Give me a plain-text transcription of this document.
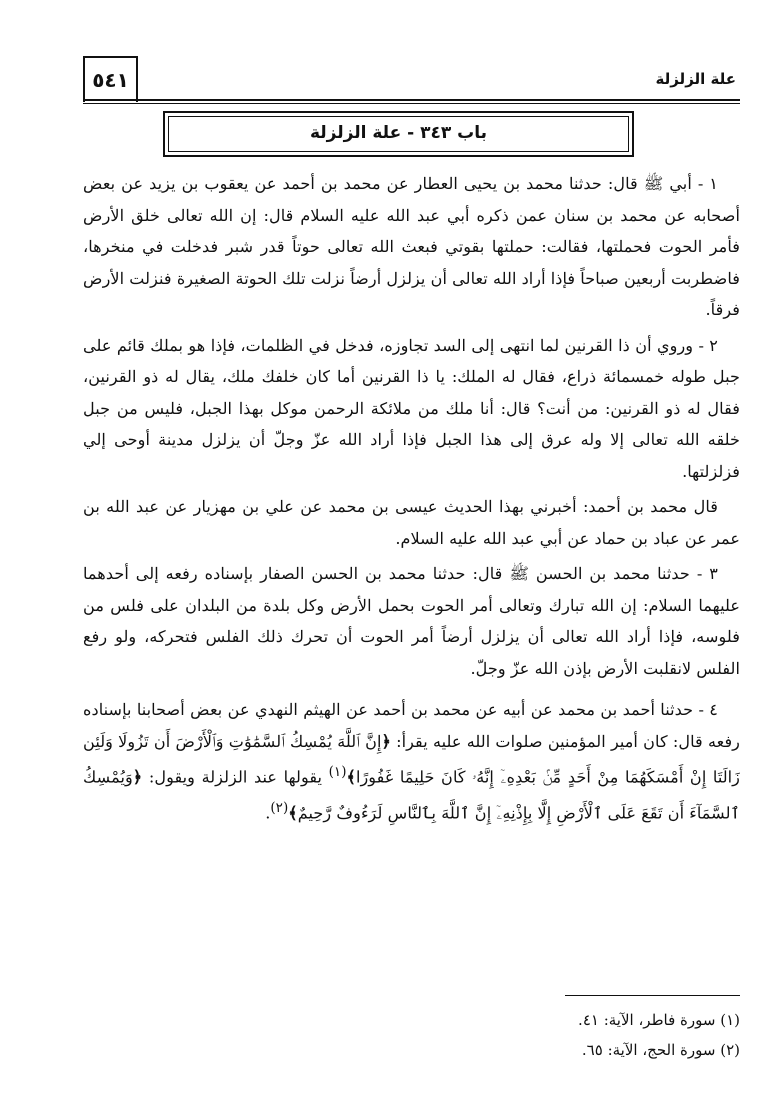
علة الزلزلة
٥٤١
باب ٣٤٣ - علة الزلزلة

١ - أبي ﷺ قال: حدثنا محمد بن يحيى العطار عن محمد بن أحمد عن يعقوب بن يزيد عن بعض أصحابه عن محمد بن سنان عمن ذكره أبي عبد الله عليه السلام قال: إن الله تعالى خلق الأرض فأمر الحوت فحملتها، فقالت: حملتها بقوتي فبعث الله تعالى حوتاً قدر شبر فدخلت في منخرها، فاضطربت أربعين صباحاً فإذا أراد الله تعالى أن يزلزل أرضاً نزلت تلك الحوتة الصغيرة فنزلت الأرض فرقاً.

٢ - وروي أن ذا القرنين لما انتهى إلى السد تجاوزه، فدخل في الظلمات، فإذا هو بملك قائم على جبل طوله خمسمائة ذراع، فقال له الملك: يا ذا القرنين أما كان خلفك ملك، يقال له ذو القرنين، فقال له ذو القرنين: من أنت؟ قال: أنا ملك من ملائكة الرحمن موكل بهذا الجبل، فليس من جبل خلقه الله تعالى إلا وله عرق إلى هذا الجبل فإذا أراد الله عزّ وجلّ أن يزلزل مدينة أوحى إلي فزلزلتها.

قال محمد بن أحمد: أخبرني بهذا الحديث عيسى بن محمد عن علي بن مهزيار عن عبد الله بن عمر عن عباد بن حماد عن أبي عبد الله عليه السلام.

٣ - حدثنا محمد بن الحسن ﷺ قال: حدثنا محمد بن الحسن الصفار بإسناده رفعه إلى أحدهما عليهما السلام: إن الله تبارك وتعالى أمر الحوت بحمل الأرض وكل بلدة من البلدان على فلس من فلوسه، فإذا أراد الله تعالى أن يزلزل أرضاً أمر الحوت أن تحرك ذلك الفلس فتحركه، ولو رفع الفلس لانقلبت الأرض بإذن الله عزّ وجلّ.

٤ - حدثنا أحمد بن محمد عن أبيه عن محمد بن أحمد عن الهيثم النهدي عن بعض أصحابنا بإسناده رفعه قال: كان أمير المؤمنين صلوات الله عليه يقرأ: ﴿إِنَّ ٱللَّهَ يُمْسِكُ ٱلسَّمَٰوَٰتِ وَٱلْأَرْضَ أَن تَزُولَا وَلَئِن زَالَتَا إِنْ أَمْسَكَهُمَا مِنْ أَحَدٍ مِّنۢ بَعْدِهِۦٓ إِنَّهُۥ كَانَ حَلِيمًا غَفُورًا﴾$^{(١)}$ يقولها عند الزلزلة ويقول: ﴿وَيُمْسِكُ ٱلسَّمَآءَ أَن تَقَعَ عَلَى ٱلْأَرْضِ إِلَّا بِإِذْنِهِۦٓ إِنَّ ٱللَّهَ بِٱلنَّاسِ لَرَءُوفٌ رَّحِيمٌ﴾$^{(٢)}$.

(١) سورة فاطر، الآية: ٤١.
(٢) سورة الحج، الآية: ٦٥.
